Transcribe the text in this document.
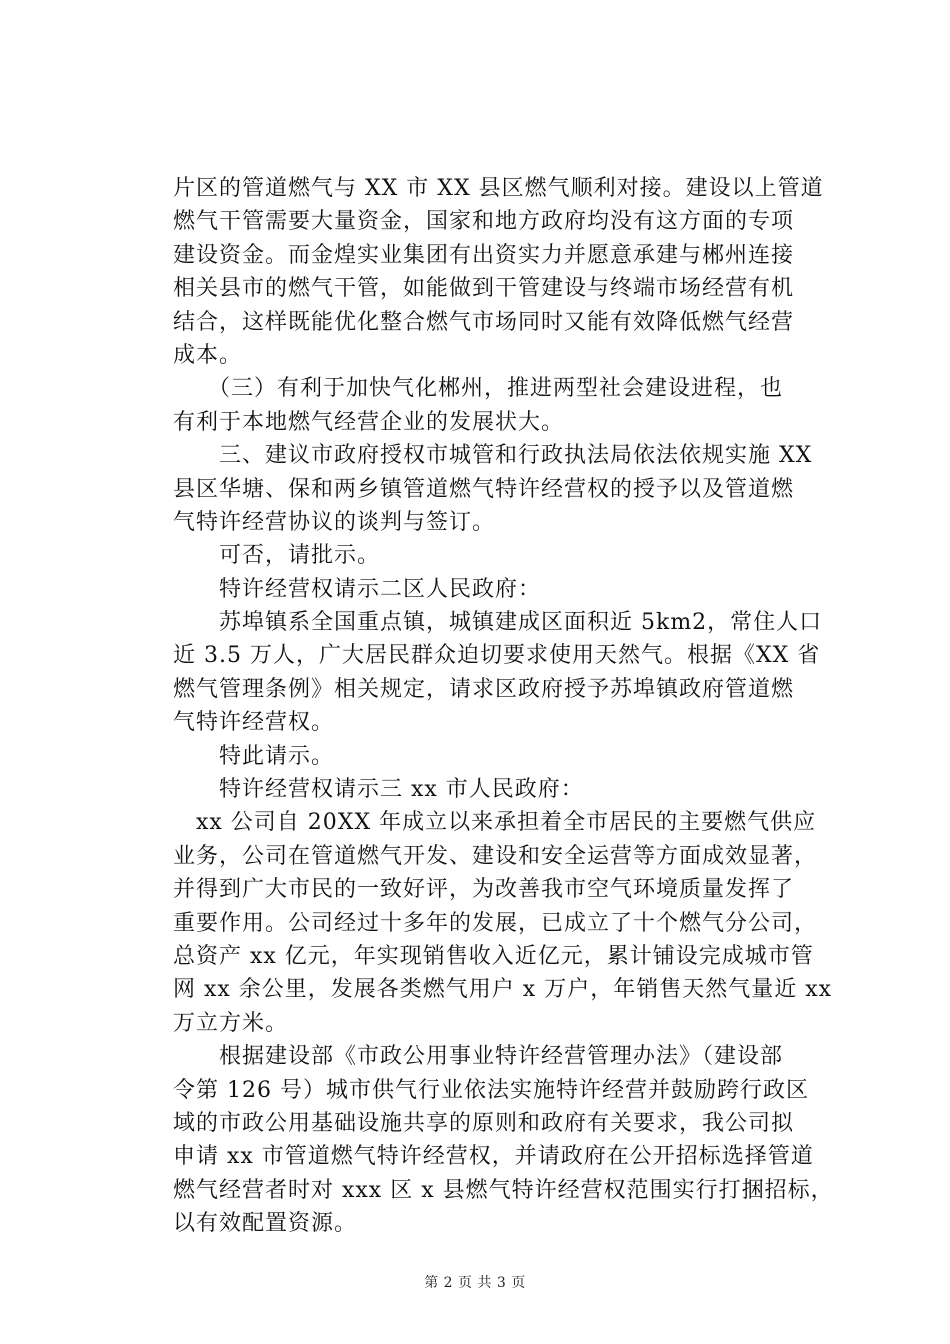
片区的管道燃气与 XX 市 XX 县区燃气顺利对接。建设以上管道
燃气干管需要大量资金，国家和地方政府均没有这方面的专项
建设资金。而金煌实业集团有出资实力并愿意承建与郴州连接
相关县市的燃气干管，如能做到干管建设与终端市场经营有机
结合，这样既能优化整合燃气市场同时又能有效降低燃气经营
成本。
　　（三）有利于加快气化郴州，推进两型社会建设进程，也
有利于本地燃气经营企业的发展状大。
　　三、建议市政府授权市城管和行政执法局依法依规实施 XX
县区华塘、保和两乡镇管道燃气特许经营权的授予以及管道燃
气特许经营协议的谈判与签订。
　　可否，请批示。
　　特许经营权请示二区人民政府：
　　苏埠镇系全国重点镇，城镇建成区面积近 5km2，常住人口
近 3.5 万人，广大居民群众迫切要求使用天然气。根据《XX 省
燃气管理条例》相关规定，请求区政府授予苏埠镇政府管道燃
气特许经营权。
　　特此请示。
　　特许经营权请示三 xx 市人民政府：
　xx 公司自 20XX 年成立以来承担着全市居民的主要燃气供应
业务，公司在管道燃气开发、建设和安全运营等方面成效显著，
并得到广大市民的一致好评，为改善我市空气环境质量发挥了
重要作用。公司经过十多年的发展，已成立了十个燃气分公司，
总资产 xx 亿元，年实现销售收入近亿元，累计铺设完成城市管
网 xx 余公里，发展各类燃气用户 x 万户，年销售天然气量近 xx
万立方米。
　　根据建设部《市政公用事业特许经营管理办法》（建设部
令第 126 号）城市供气行业依法实施特许经营并鼓励跨行政区
域的市政公用基础设施共享的原则和政府有关要求，我公司拟
申请 xx 市管道燃气特许经营权，并请政府在公开招标选择管道
燃气经营者时对 xxx 区 x 县燃气特许经营权范围实行打捆招标，
以有效配置资源。
第 2 页 共 3 页
